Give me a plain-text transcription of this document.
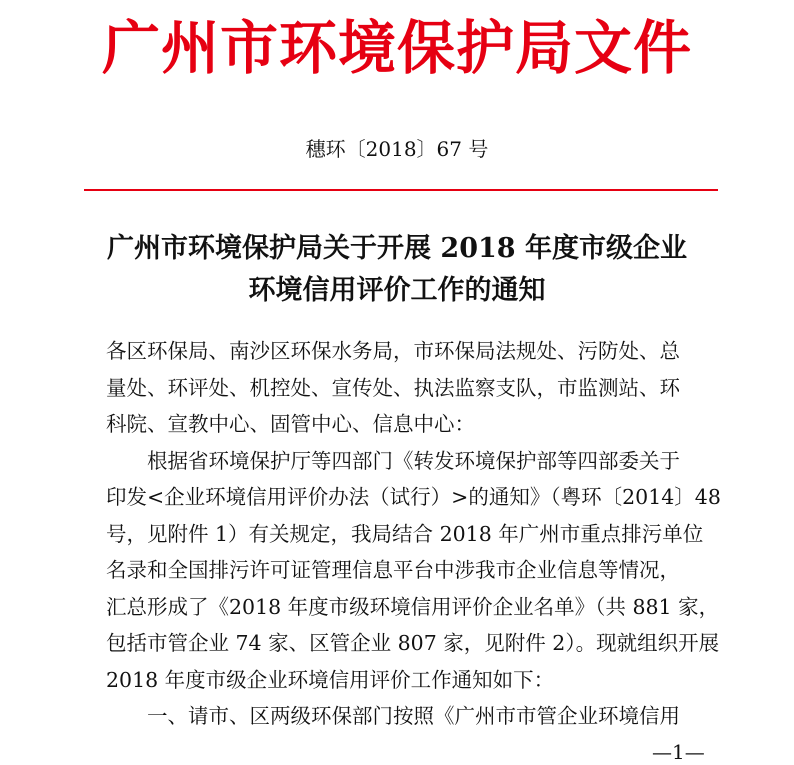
广州市环境保护局文件
穗环〔2018〕67 号
广州市环境保护局关于开展 2018 年度市级企业
环境信用评价工作的通知
各区环保局、南沙区环保水务局，市环保局法规处、污防处、总
量处、环评处、机控处、宣传处、执法监察支队，市监测站、环
科院、宣教中心、固管中心、信息中心：
　　根据省环境保护厅等四部门《转发环境保护部等四部委关于
印发<企业环境信用评价办法（试行）>的通知》（粤环〔2014〕48
号，见附件 1）有关规定，我局结合 2018 年广州市重点排污单位
名录和全国排污许可证管理信息平台中涉我市企业信息等情况，
汇总形成了《2018 年度市级环境信用评价企业名单》（共 881 家，
包括市管企业 74 家、区管企业 807 家，见附件 2）。现就组织开展
2018 年度市级企业环境信用评价工作通知如下：
　　一、请市、区两级环保部门按照《广州市市管企业环境信用
—1—
